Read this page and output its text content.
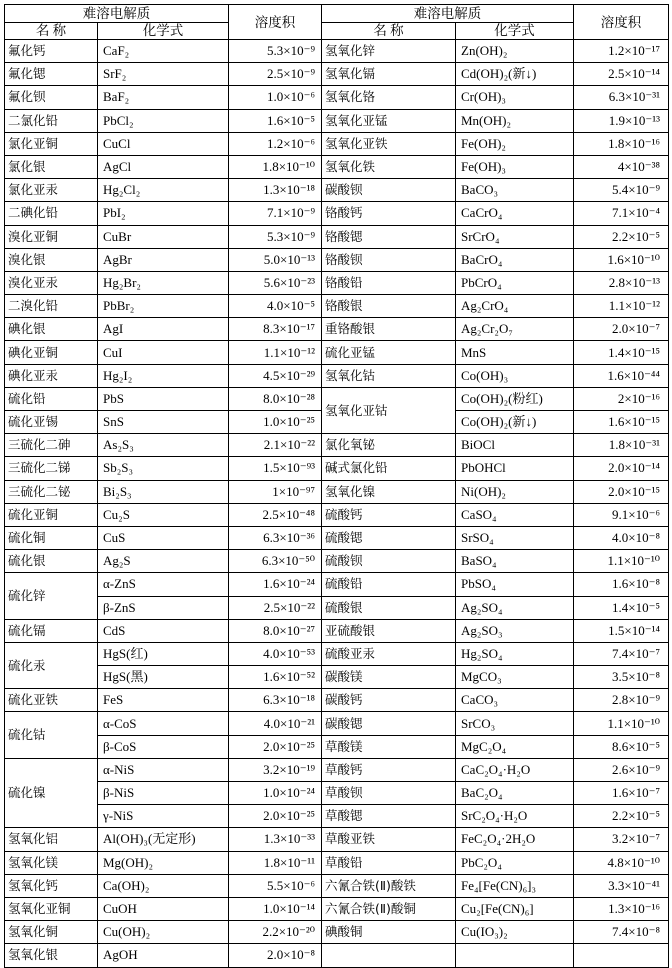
难溶电解质		溶度积	难溶电解质		溶度积
名 称	化学式		名 称	化学式	
氟化钙	CaF₂	5.3×10⁻⁹	氢氧化锌	Zn(OH)₂	1.2×10⁻¹⁷
氟化锶	SrF₂	2.5×10⁻⁹	氢氧化镉	Cd(OH)₂(新↓)	2.5×10⁻¹⁴
氟化钡	BaF₂	1.0×10⁻⁶	氢氧化铬	Cr(OH)₃	6.3×10⁻³¹
二氯化铅	PbCl₂	1.6×10⁻⁵	氢氧化亚锰	Mn(OH)₂	1.9×10⁻¹³
氯化亚铜	CuCl	1.2×10⁻⁶	氢氧化亚铁	Fe(OH)₂	1.8×10⁻¹⁶
氯化银	AgCl	1.8×10⁻¹⁰	氢氧化铁	Fe(OH)₃	4×10⁻³⁸
氯化亚汞	Hg₂Cl₂	1.3×10⁻¹⁸	碳酸钡	BaCO₃	5.4×10⁻⁹
二碘化铅	PbI₂	7.1×10⁻⁹	铬酸钙	CaCrO₄	7.1×10⁻⁴
溴化亚铜	CuBr	5.3×10⁻⁹	铬酸锶	SrCrO₄	2.2×10⁻⁵
溴化银	AgBr	5.0×10⁻¹³	铬酸钡	BaCrO₄	1.6×10⁻¹⁰
溴化亚汞	Hg₂Br₂	5.6×10⁻²³	铬酸铅	PbCrO₄	2.8×10⁻¹³
二溴化铅	PbBr₂	4.0×10⁻⁵	铬酸银	Ag₂CrO₄	1.1×10⁻¹²
碘化银	AgI	8.3×10⁻¹⁷	重铬酸银	Ag₂Cr₂O₇	2.0×10⁻⁷
碘化亚铜	CuI	1.1×10⁻¹²	硫化亚锰	MnS	1.4×10⁻¹⁵
碘化亚汞	Hg₂I₂	4.5×10⁻²⁹	氢氧化钴	Co(OH)₃	1.6×10⁻⁴⁴
硫化铅	PbS	8.0×10⁻²⁸	氢氧化亚钴	Co(OH)₂(粉红)	2×10⁻¹⁶
硫化亚锡	SnS	1.0×10⁻²⁵		Co(OH)₂(新↓)	1.6×10⁻¹⁵
三硫化二砷	As₂S₃	2.1×10⁻²²	氯化氧铋	BiOCl	1.8×10⁻³¹
三硫化二锑	Sb₂S₃	1.5×10⁻⁹³	碱式氯化铅	PbOHCl	2.0×10⁻¹⁴
三硫化二铋	Bi₂S₃	1×10⁻⁹⁷	氢氧化镍	Ni(OH)₂	2.0×10⁻¹⁵
硫化亚铜	Cu₂S	2.5×10⁻⁴⁸	硫酸钙	CaSO₄	9.1×10⁻⁶
硫化铜	CuS	6.3×10⁻³⁶	硫酸锶	SrSO₄	4.0×10⁻⁸
硫化银	Ag₂S	6.3×10⁻⁵⁰	硫酸钡	BaSO₄	1.1×10⁻¹⁰
硫化锌	α-ZnS	1.6×10⁻²⁴	硫酸铅	PbSO₄	1.6×10⁻⁸
	β-ZnS	2.5×10⁻²²	硫酸银	Ag₂SO₄	1.4×10⁻⁵
硫化镉	CdS	8.0×10⁻²⁷	亚硫酸银	Ag₂SO₃	1.5×10⁻¹⁴
硫化汞	HgS(红)	4.0×10⁻⁵³	硫酸亚汞	Hg₂SO₄	7.4×10⁻⁷
	HgS(黑)	1.6×10⁻⁵²	碳酸镁	MgCO₃	3.5×10⁻⁸
硫化亚铁	FeS	6.3×10⁻¹⁸	碳酸钙	CaCO₃	2.8×10⁻⁹
硫化钴	α-CoS	4.0×10⁻²¹	碳酸锶	SrCO₃	1.1×10⁻¹⁰
	β-CoS	2.0×10⁻²⁵	草酸镁	MgC₂O₄	8.6×10⁻⁵
硫化镍	α-NiS	3.2×10⁻¹⁹	草酸钙	CaC₂O₄·H₂O	2.6×10⁻⁹
	β-NiS	1.0×10⁻²⁴	草酸钡	BaC₂O₄	1.6×10⁻⁷
	γ-NiS	2.0×10⁻²⁵	草酸锶	SrC₂O₄·H₂O	2.2×10⁻⁵
氢氧化铝	Al(OH)₃(无定形)	1.3×10⁻³³	草酸亚铁	FeC₂O₄·2H₂O	3.2×10⁻⁷
氢氧化镁	Mg(OH)₂	1.8×10⁻¹¹	草酸铅	PbC₂O₄	4.8×10⁻¹⁰
氢氧化钙	Ca(OH)₂	5.5×10⁻⁶	六氰合铁(Ⅱ)酸铁	Fe₄[Fe(CN)₆]₃	3.3×10⁻⁴¹
氢氧化亚铜	CuOH	1.0×10⁻¹⁴	六氰合铁(Ⅱ)酸铜	Cu₂[Fe(CN)₆]	1.3×10⁻¹⁶
氢氧化铜	Cu(OH)₂	2.2×10⁻²⁰	碘酸铜	Cu(IO₃)₂	7.4×10⁻⁸
氢氧化银	AgOH	2.0×10⁻⁸			
